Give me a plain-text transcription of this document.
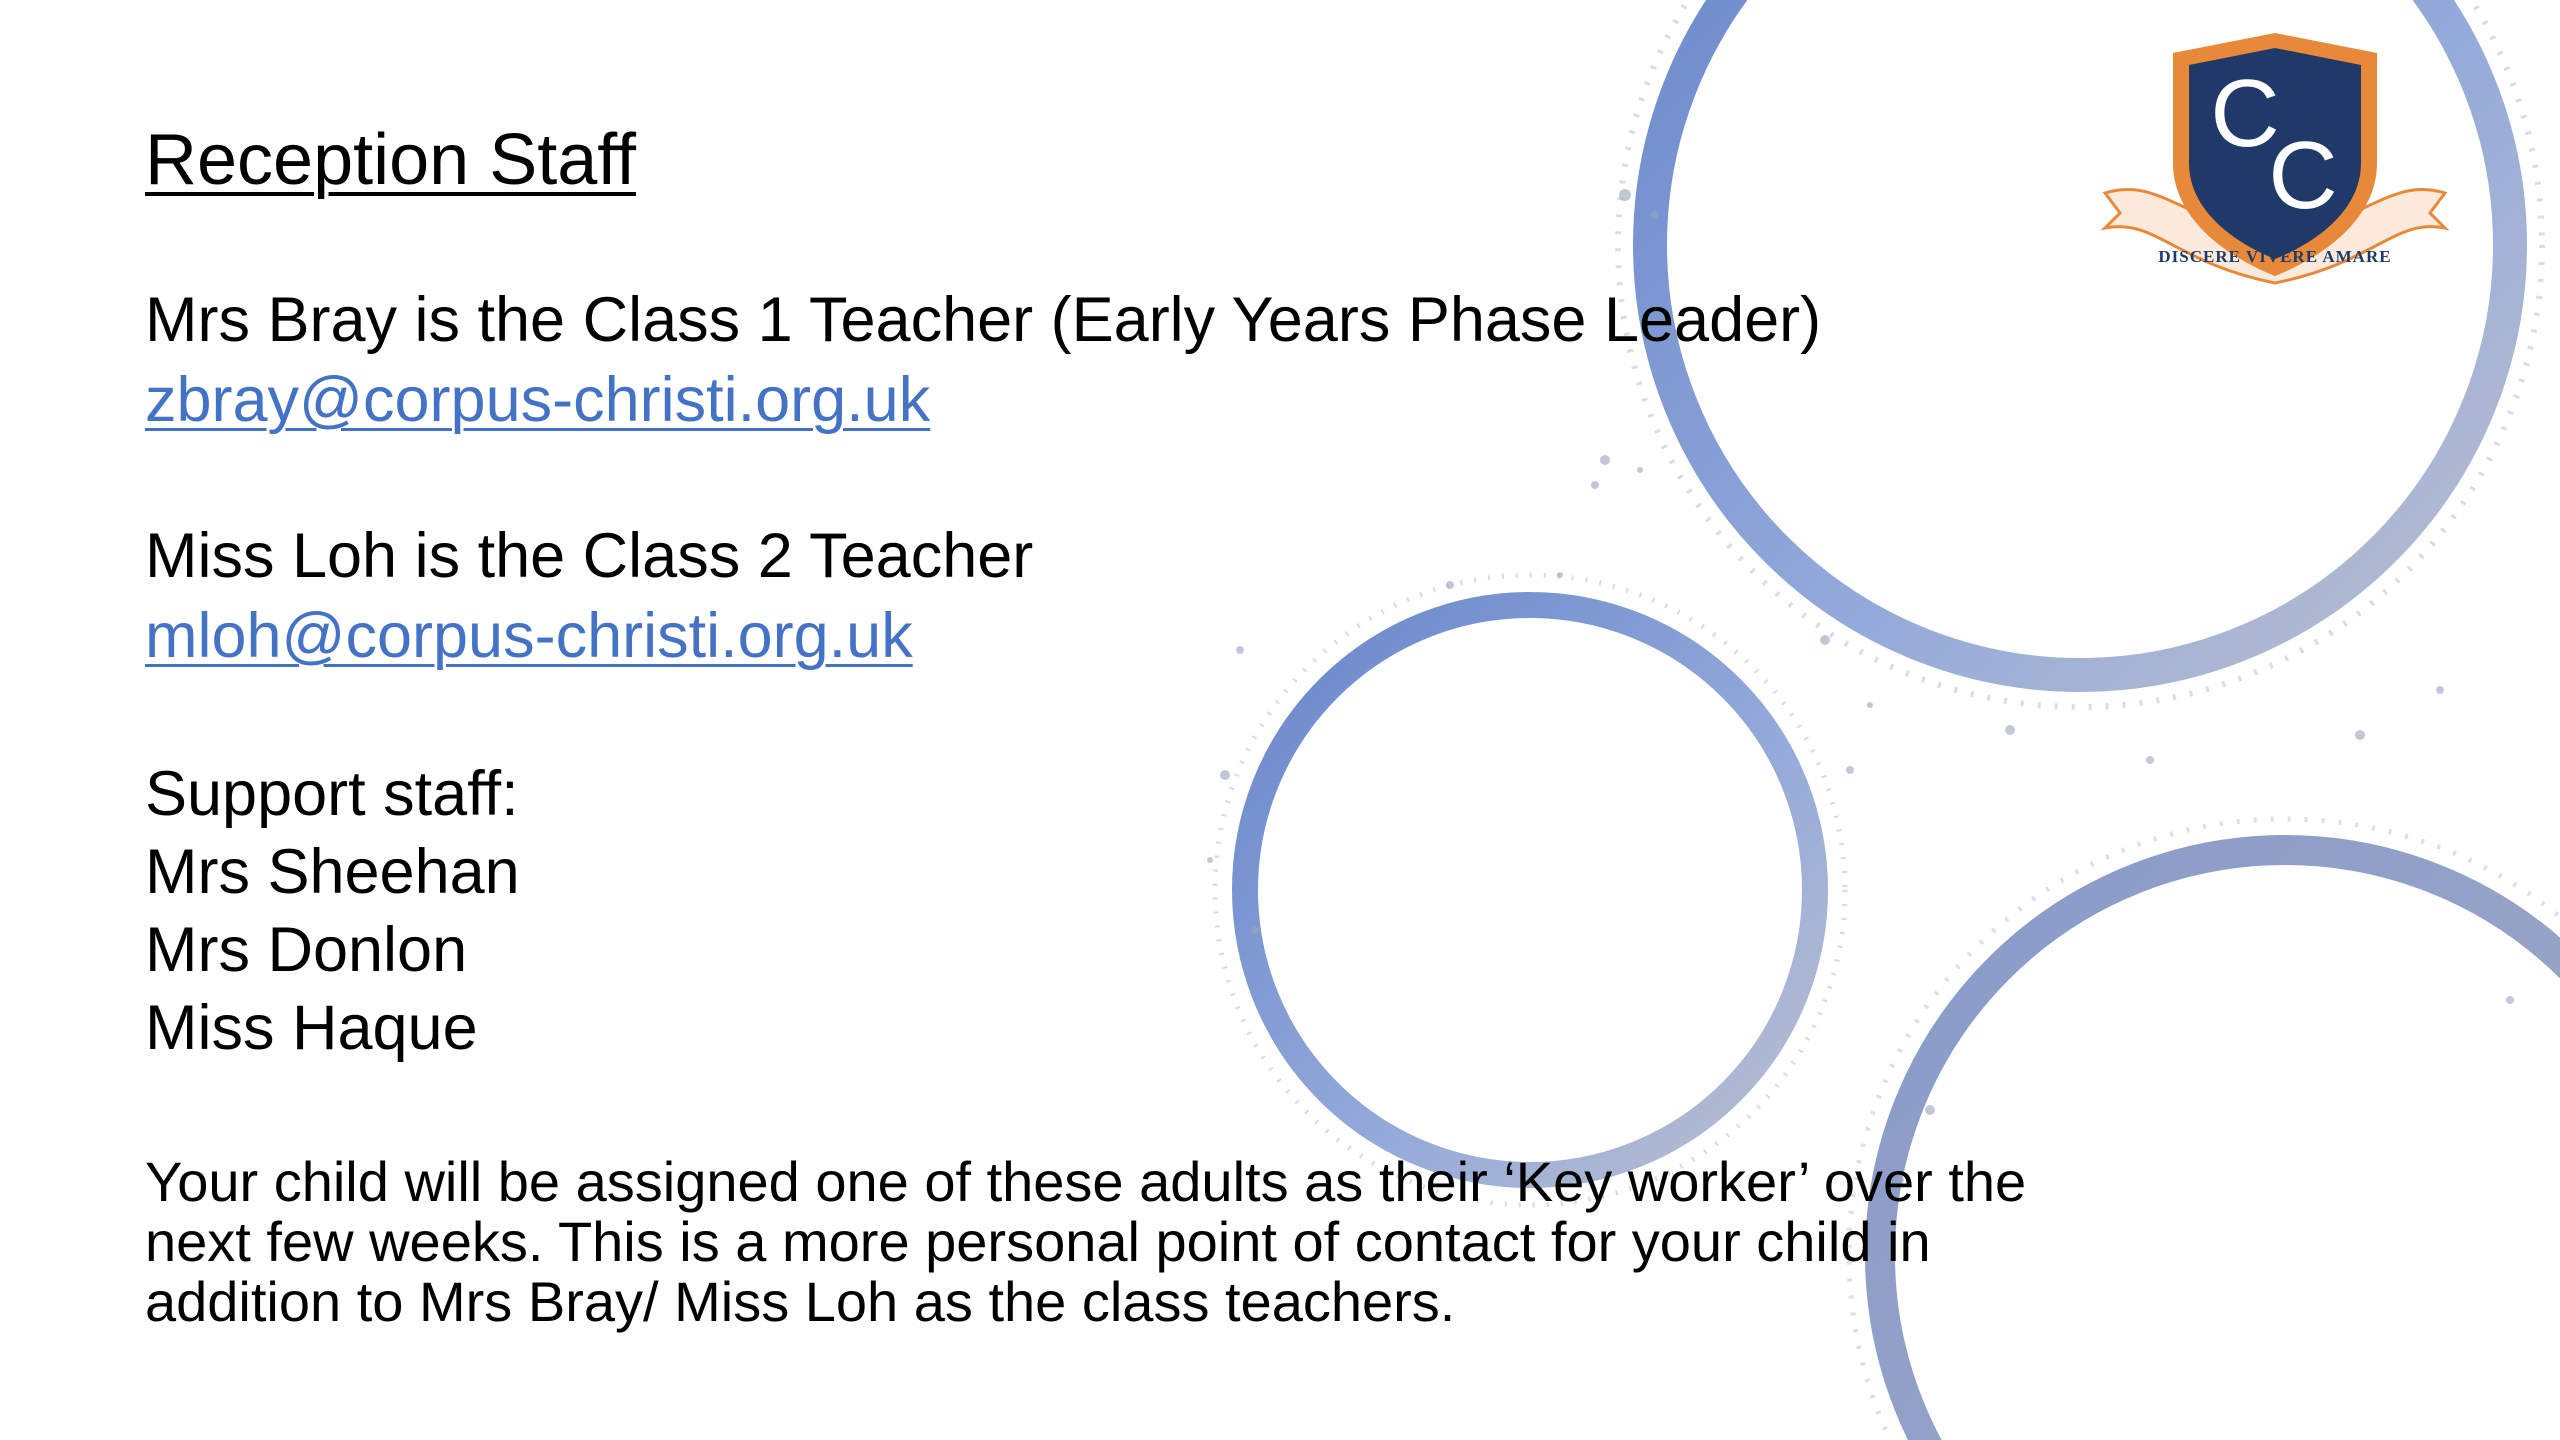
C
C
DISCERE VIVERE AMARE
Reception Staff
Mrs Bray is the Class 1 Teacher (Early Years Phase Leader)
zbray@corpus-christi.org.uk
Miss Loh is the Class 2 Teacher
mloh@corpus-christi.org.uk
Support staff:
Mrs Sheehan
Mrs Donlon
Miss Haque
Your child will be assigned one of these adults as their ‘Key worker’ over the
next few weeks. This is a more personal point of contact for your child in
addition to Mrs Bray/ Miss Loh as the class teachers.
